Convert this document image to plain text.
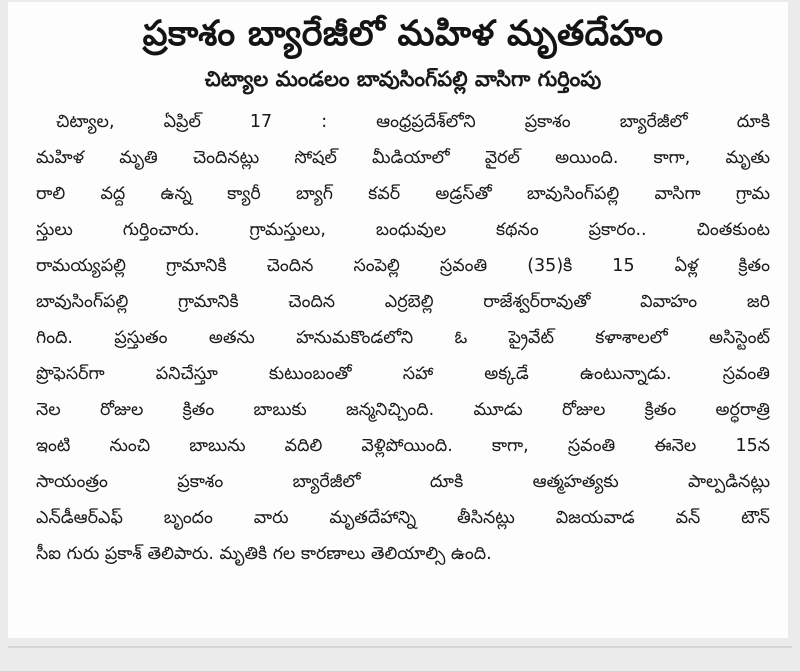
ప్రకాశం బ్యారేజీలో మహిళ మృతదేహం
చిట్యాల మండలం బావుసింగ్‌పల్లి వాసిగా గుర్తింపు
చిట్యాల, ఏప్రిల్ 17 : ఆంధ్రప్రదేశ్‌లోని ప్రకాశం బ్యారేజీలో దూకి
మహిళ మృతి చెందినట్లు సోషల్ మీడియాలో వైరల్ అయింది. కాగా, మృతు
రాలి వద్ద ఉన్న క్యారీ బ్యాగ్ కవర్ అడ్రస్‌తో బావుసింగ్‌పల్లి వాసిగా గ్రామ
స్తులు గుర్తించారు. గ్రామస్తులు, బంధువుల కథనం ప్రకారం.. చింతకుంట
రామయ్యపల్లి గ్రామానికి చెందిన సంపెల్లి స్రవంతి (35)కి 15 ఏళ్ల క్రితం
బావుసింగ్‌పల్లి గ్రామానికి చెందిన ఎర్రబెల్లి రాజేశ్వర్‌రావుతో వివాహం జరి
గింది. ప్రస్తుతం అతను హనుమకొండలోని ఓ ప్రైవేట్ కళాశాలలో అసిస్టెంట్
ప్రొఫెసర్‌గా పనిచేస్తూ కుటుంబంతో సహా అక్కడే ఉంటున్నాడు. స్రవంతి
నెల రోజుల క్రితం బాబుకు జన్మనిచ్చింది. మూడు రోజుల క్రితం అర్ధరాత్రి
ఇంటి నుంచి బాబును వదిలి వెళ్లిపోయింది. కాగా, స్రవంతి ఈనెల 15న
సాయంత్రం ప్రకాశం బ్యారేజీలో దూకి ఆత్మహత్యకు పాల్పడినట్లు
ఎన్‌డీఆర్‌ఎఫ్ బృందం వారు మృతదేహాన్ని తీసినట్లు విజయవాడ వన్ టౌన్
సీఐ గురు ప్రకాశ్ తెలిపారు. మృతికి గల కారణాలు తెలియాల్సి ఉంది.
